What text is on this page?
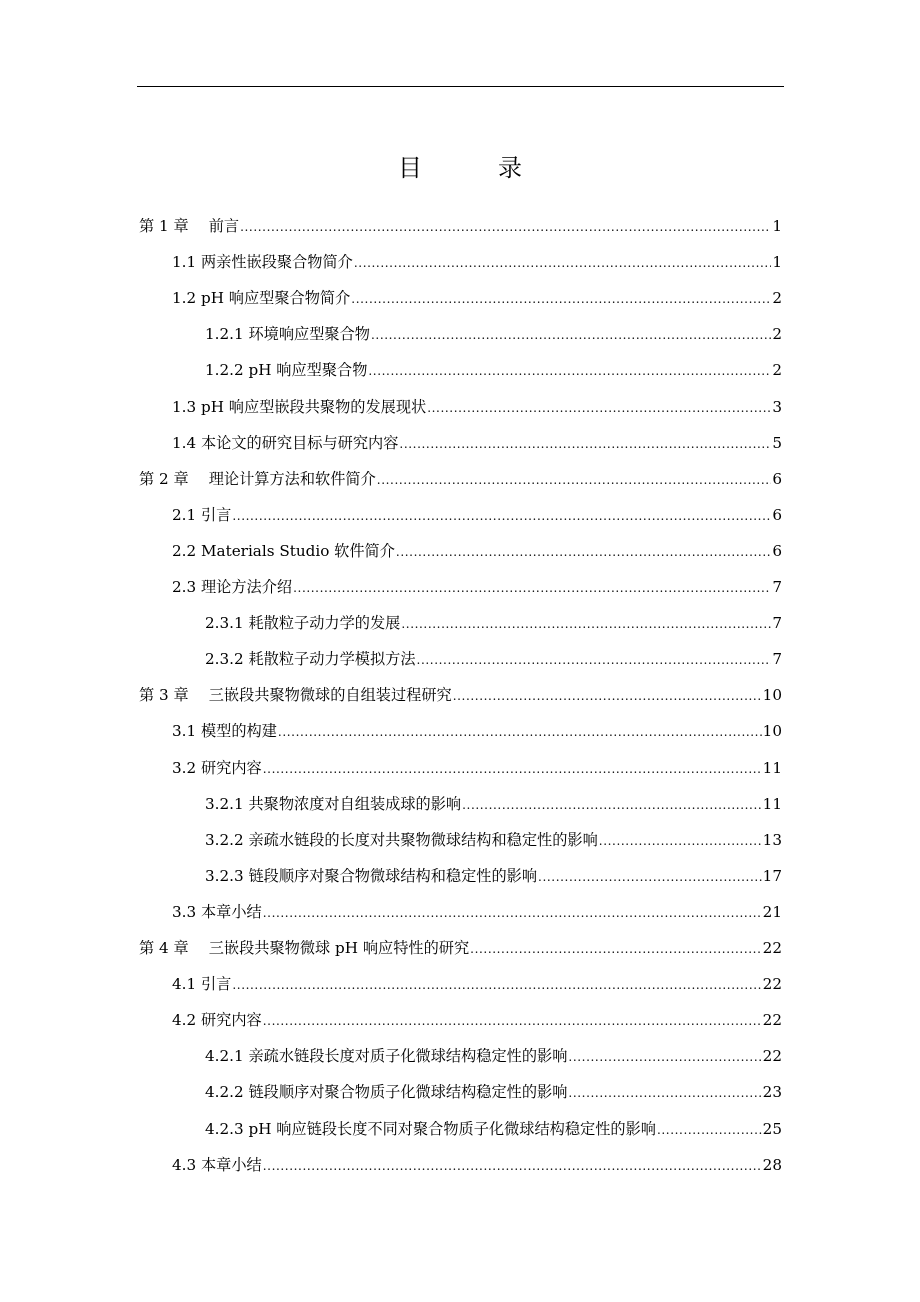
目　录
第 1 章　 前言 .....	1
1.1 两亲性嵌段聚合物简介 .....	1
1.2 pH 响应型聚合物简介 .....	2
1.2.1 环境响应型聚合物 .....	2
1.2.2 pH 响应型聚合物 .....	2
1.3 pH 响应型嵌段共聚物的发展现状 .....	3
1.4 本论文的研究目标与研究内容 .....	5
第 2 章　 理论计算方法和软件简介 .....	6
2.1 引言 .....	6
2.2 Materials Studio 软件简介 .....	6
2.3 理论方法介绍 .....	7
2.3.1 耗散粒子动力学的发展 .....	7
2.3.2 耗散粒子动力学模拟方法 .....	7
第 3 章　 三嵌段共聚物微球的自组装过程研究 .....	10
3.1 模型的构建 .....	10
3.2 研究内容 .....	11
3.2.1 共聚物浓度对自组装成球的影响 .....	11
3.2.2 亲疏水链段的长度对共聚物微球结构和稳定性的影响 .....	13
3.2.3 链段顺序对聚合物微球结构和稳定性的影响 .....	17
3.3 本章小结 .....	21
第 4 章　 三嵌段共聚物微球 pH 响应特性的研究 .....	22
4.1 引言 .....	22
4.2 研究内容 .....	22
4.2.1 亲疏水链段长度对质子化微球结构稳定性的影响 .....	22
4.2.2 链段顺序对聚合物质子化微球结构稳定性的影响 .....	23
4.2.3 pH 响应链段长度不同对聚合物质子化微球结构稳定性的影响 .....	25
4.3 本章小结 .....	28
